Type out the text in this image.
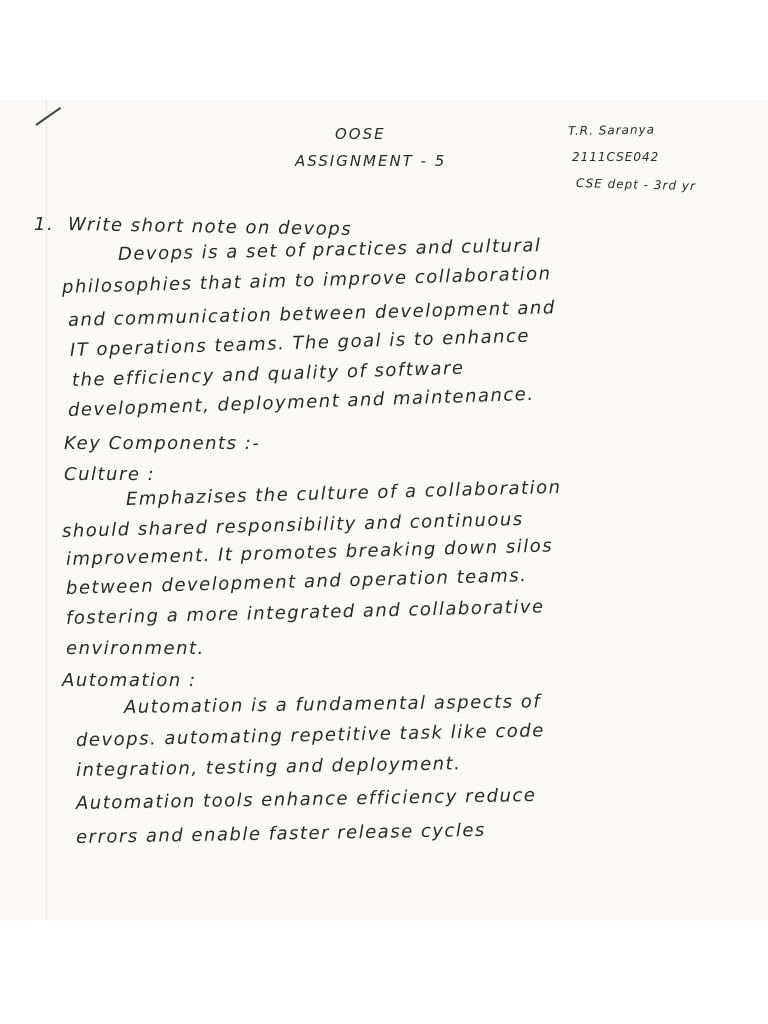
OOSE
ASSIGNMENT - 5
T.R. Saranya
2111CSE042
CSE dept - 3rd yr
1. Write short note on devops
Devops is a set of practices and cultural
philosophies that aim to improve collaboration
and communication between development and
IT operations teams. The goal is to enhance
the efficiency and quality of software
development, deployment and maintenance.
Key Components :-
Culture :
Emphazises the culture of a collaboration
should shared responsibility and continuous
improvement. It promotes breaking down silos
between development and operation teams.
fostering a more integrated and collaborative
environment.
Automation :
Automation is a fundamental aspects of
devops. automating repetitive task like code
integration, testing and deployment.
Automation tools enhance efficiency reduce
errors and enable faster release cycles
